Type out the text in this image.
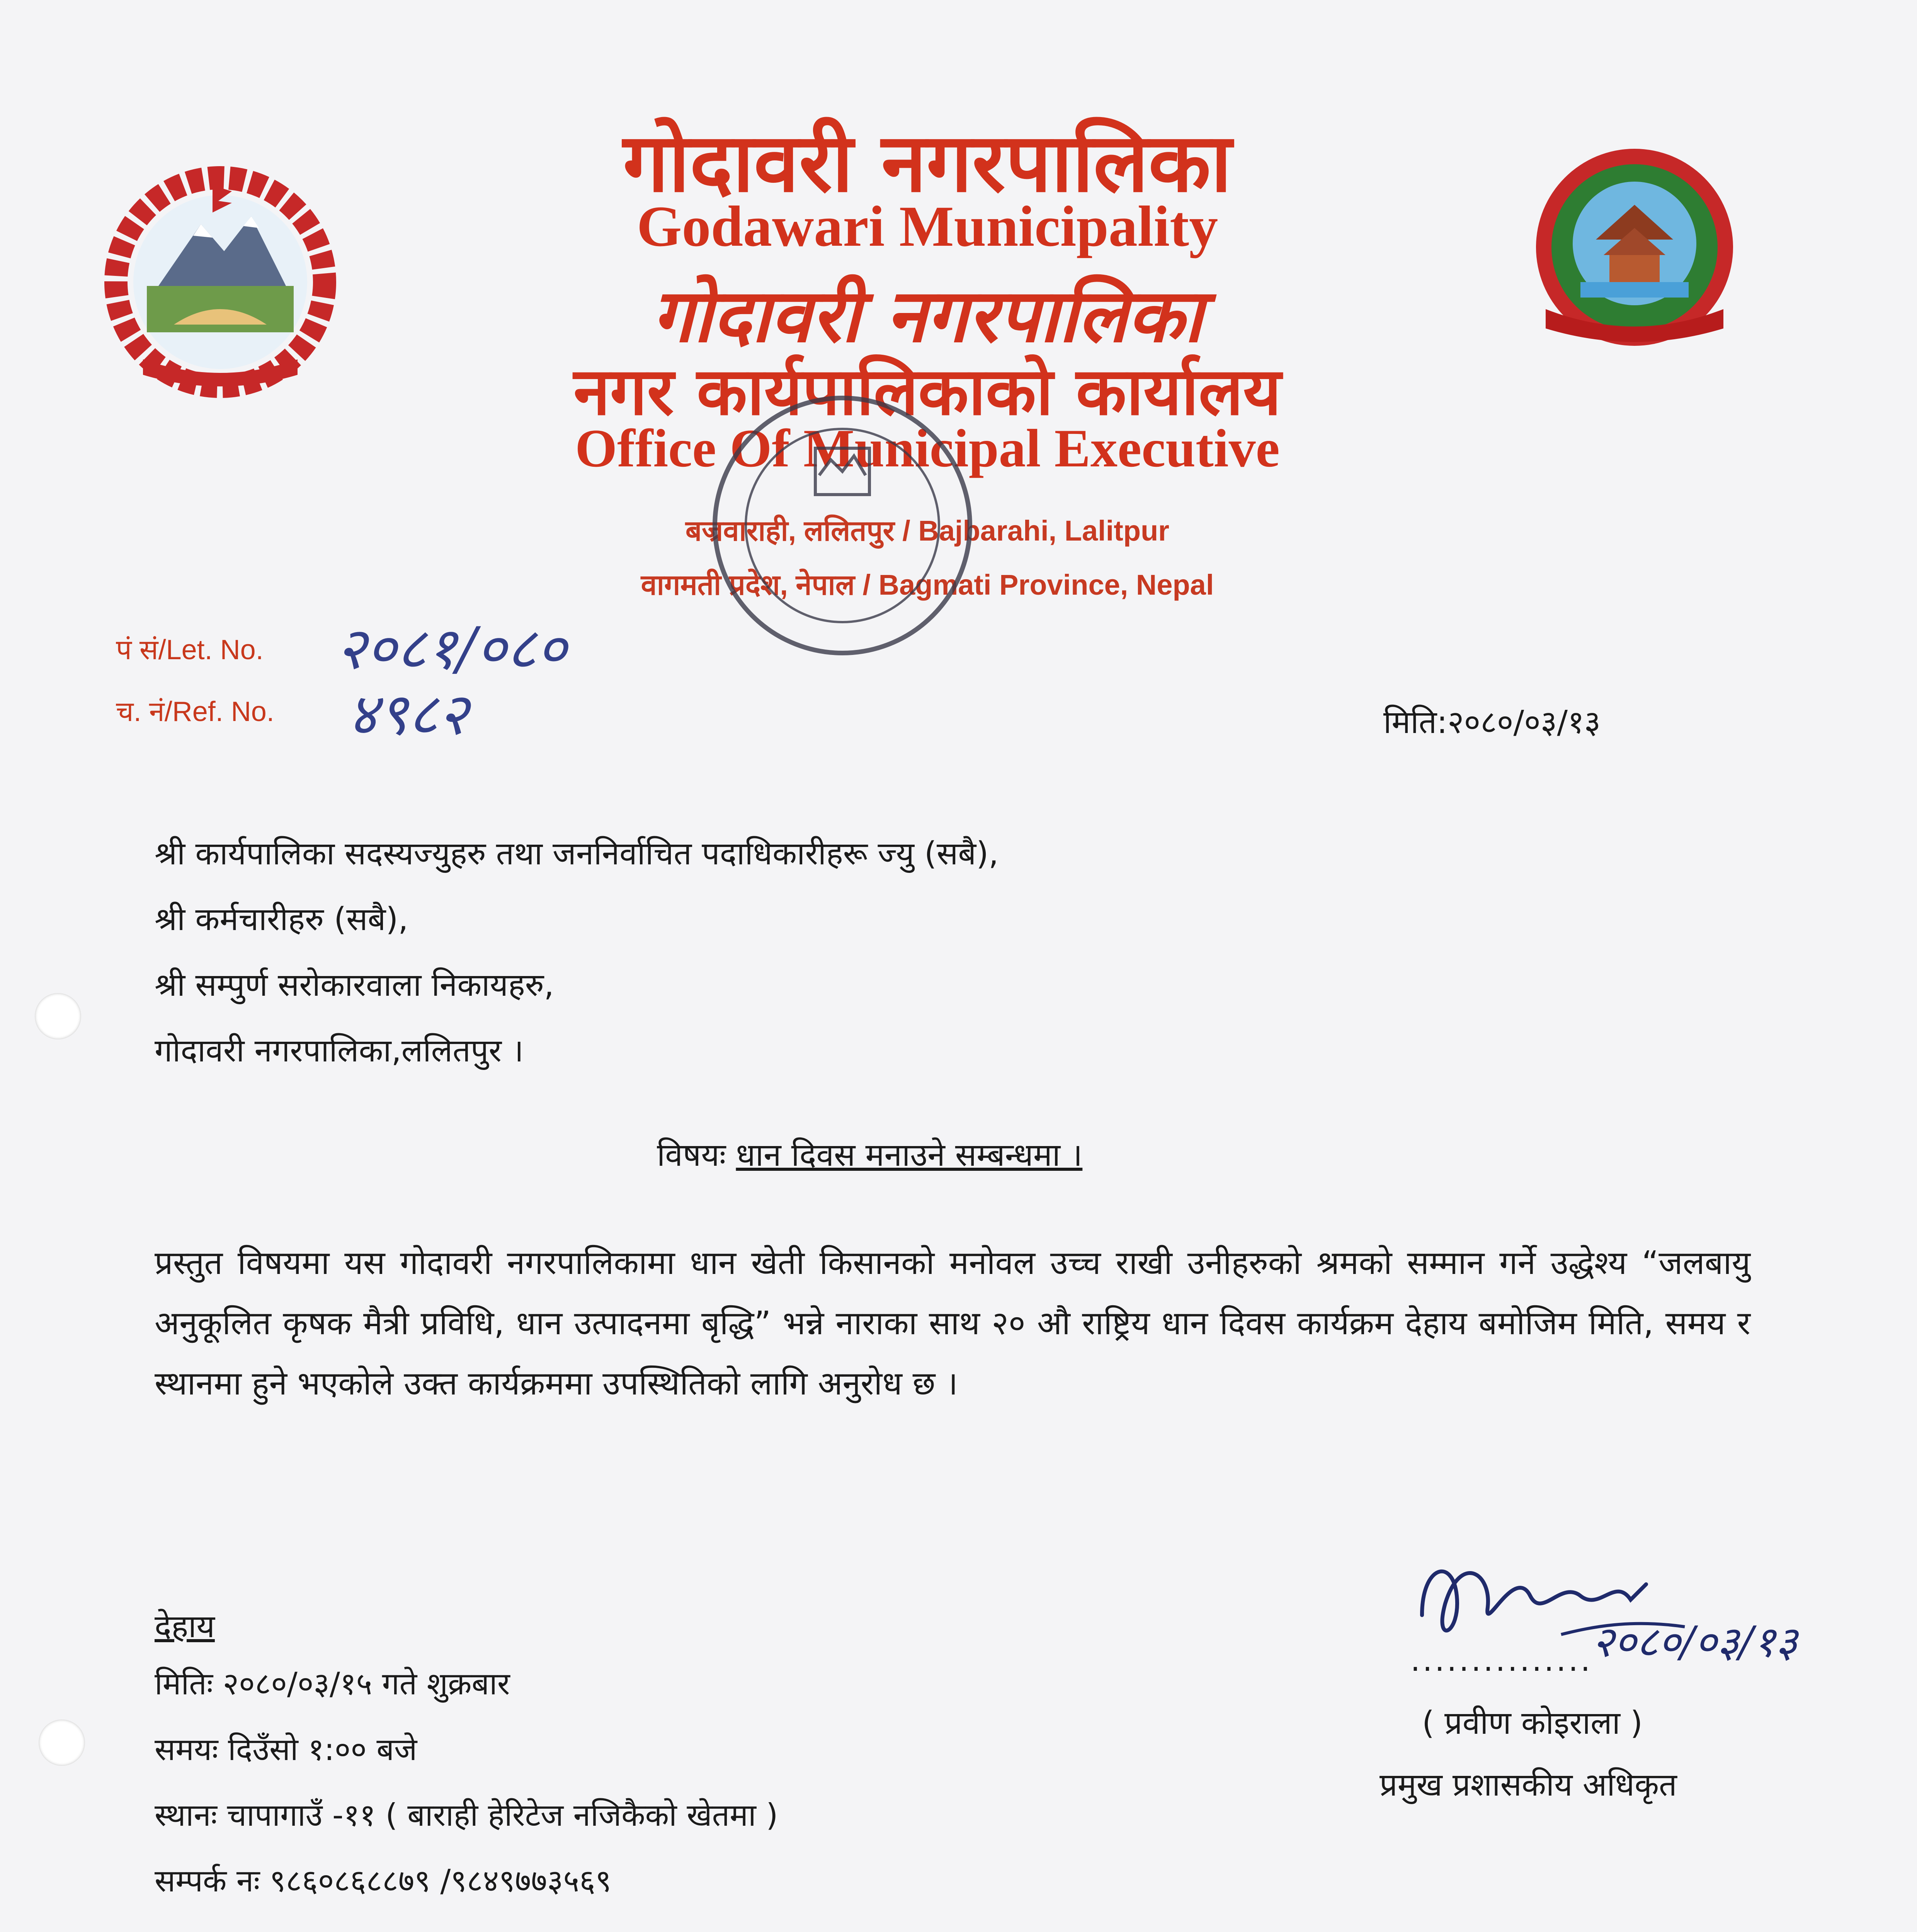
गोदावरी नगरपालिका
Godawari Municipality
गोदावरी नगरपालिका
नगर कार्यपालिकाको कार्यालय
Office Of Municipal Executive
बज्रवाराही, ललितपुर / Bajbarahi, Lalitpur
वागमती प्रदेश, नेपाल / Bagmati Province, Nepal
पं सं/Let. No. २०८१/०८०
च. नं/Ref. No. ४९८२	मिति:२०८०/०३/१३
श्री कार्यपालिका सदस्यज्युहरु तथा जननिर्वाचित पदाधिकारीहरू ज्यु (सबै),
श्री कर्मचारीहरु (सबै),
श्री सम्पुर्ण सरोकारवाला निकायहरु,
गोदावरी नगरपालिका,ललितपुर ।
विषयः धान दिवस मनाउने सम्बन्धमा ।
प्रस्तुत विषयमा यस गोदावरी नगरपालिकामा धान खेती किसानको मनोवल उच्च राखी उनीहरुको श्रमको सम्मान गर्ने उद्धेश्य “जलबायु अनुकूलित कृषक मैत्री प्रविधि, धान उत्पादनमा बृद्धि” भन्ने नाराका साथ २० औ राष्ट्रिय धान दिवस कार्यक्रम देहाय बमोजिम मिति, समय र स्थानमा हुने भएकोले उक्त कार्यक्रममा उपस्थितिको लागि अनुरोध छ ।
देहाय
मितिः २०८०/०३/१५ गते शुक्रबार
समयः दिउँसो १:०० बजे
स्थानः चापागाउँ -११ ( बाराही हेरिटेज नजिकैको खेतमा )
सम्पर्क नः ९८६०८६८८७९ /९८४९७७३५६९
२०८०/०३/१३
...............
( प्रवीण कोइराला )
प्रमुख प्रशासकीय अधिकृत
